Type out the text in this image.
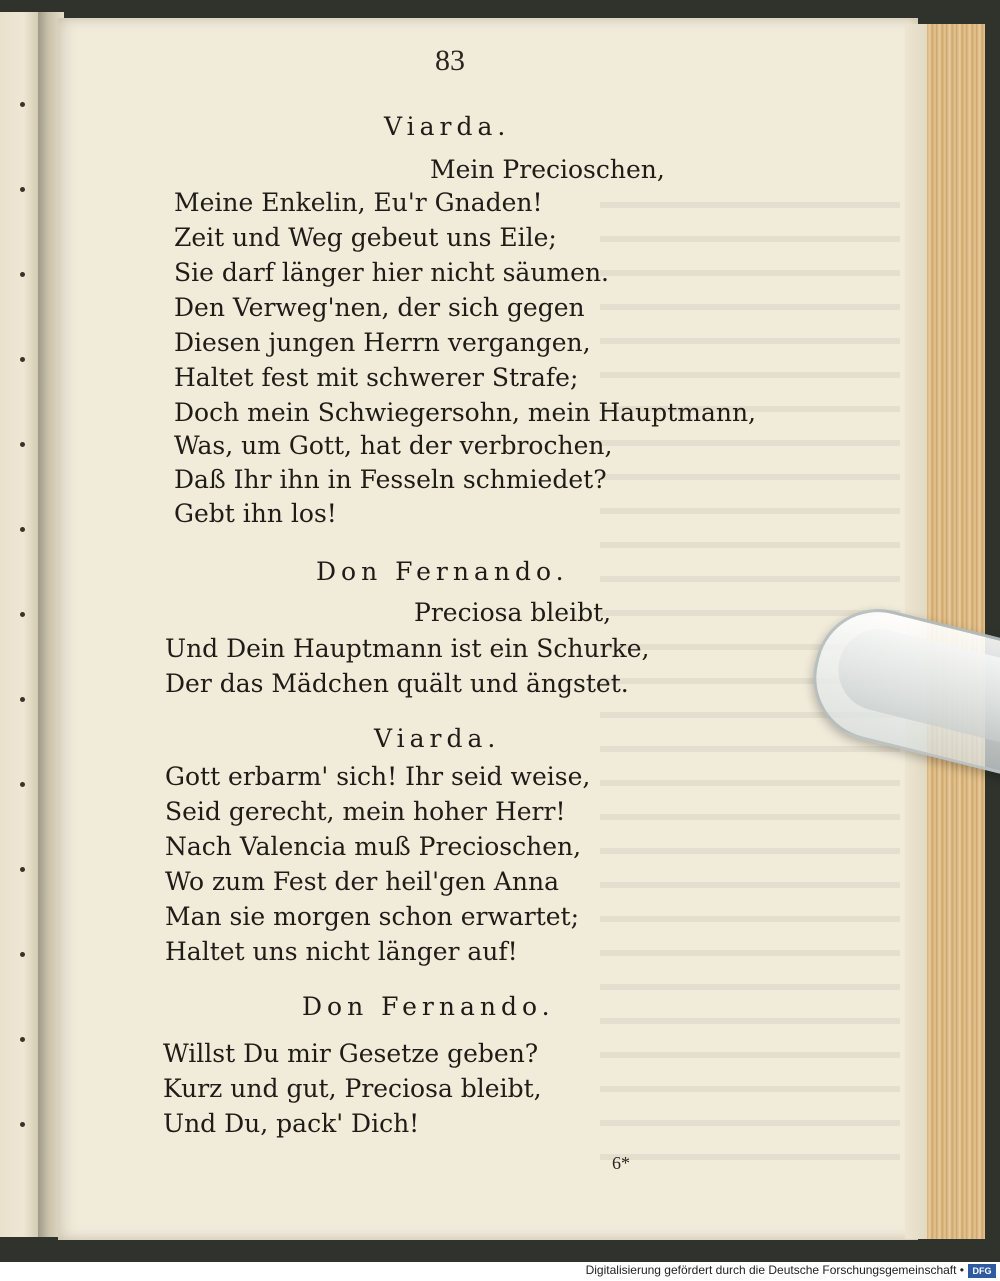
83
Viarda.
Mein Precioschen,
Meine Enkelin, Eu'r Gnaden!
Zeit und Weg gebeut uns Eile;
Sie darf länger hier nicht säumen.
Den Verweg'nen, der sich gegen
Diesen jungen Herrn vergangen,
Haltet fest mit schwerer Strafe;
Doch mein Schwiegersohn, mein Hauptmann,
Was, um Gott, hat der verbrochen,
Daß Ihr ihn in Fesseln schmiedet?
Gebt ihn los!
Don Fernando.
Preciosa bleibt,
Und Dein Hauptmann ist ein Schurke,
Der das Mädchen quält und ängstet.
Viarda.
Gott erbarm' sich! Ihr seid weise,
Seid gerecht, mein hoher Herr!
Nach Valencia muß Precioschen,
Wo zum Fest der heil'gen Anna
Man sie morgen schon erwartet;
Haltet uns nicht länger auf!
Don Fernando.
Willst Du mir Gesetze geben?
Kurz und gut, Preciosa bleibt,
Und Du, pack' Dich!
6*
Digitalisierung gefördert durch die Deutsche Forschungsgemeinschaft • DFG
